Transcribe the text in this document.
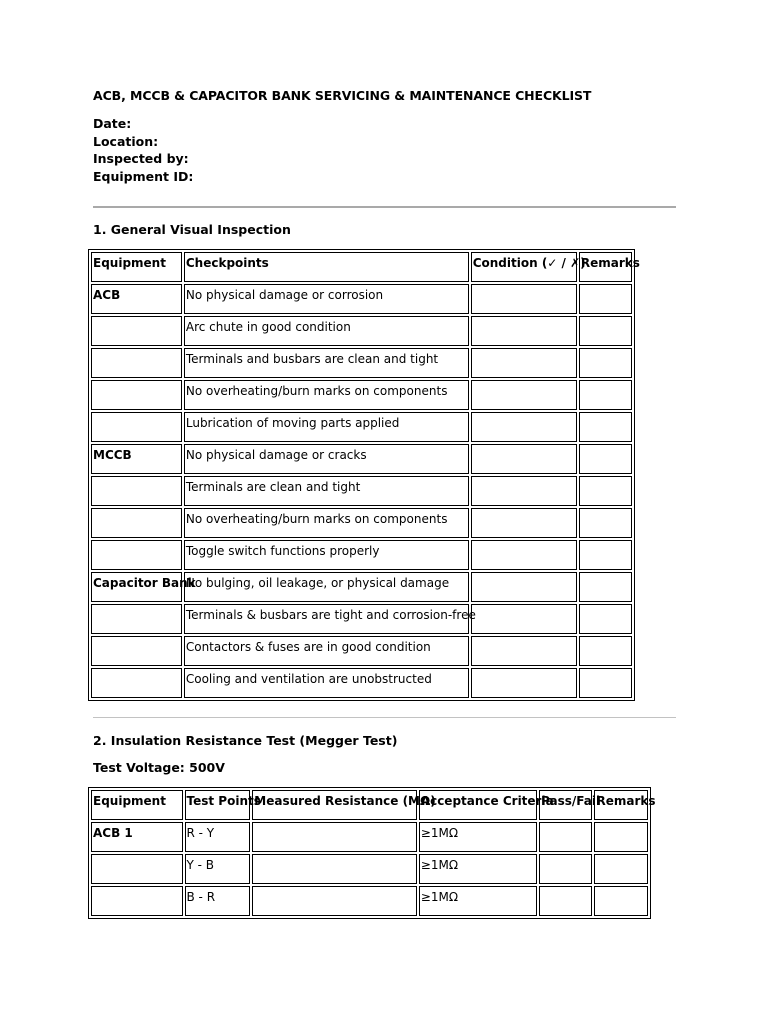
ACB, MCCB & CAPACITOR BANK SERVICING & MAINTENANCE CHECKLIST
Date:
Location:
Inspected by:
Equipment ID:
1. General Visual Inspection
Equipment	Checkpoints	Condition (✓ / ✗)	Remarks
ACB	No physical damage or corrosion		
	Arc chute in good condition		
	Terminals and busbars are clean and tight		
	No overheating/burn marks on components		
	Lubrication of moving parts applied		
MCCB	No physical damage or cracks		
	Terminals are clean and tight		
	No overheating/burn marks on components		
	Toggle switch functions properly		
Capacitor Bank	No bulging, oil leakage, or physical damage		
	Terminals & busbars are tight and corrosion-free		
	Contactors & fuses are in good condition		
	Cooling and ventilation are unobstructed		
2. Insulation Resistance Test (Megger Test)
Test Voltage: 500V
Equipment	Test Points	Measured Resistance (MΩ)	Acceptance Criteria	Pass/Fail	Remarks
ACB 1	R - Y		≥1MΩ		
	Y - B		≥1MΩ		
	B - R		≥1MΩ		
